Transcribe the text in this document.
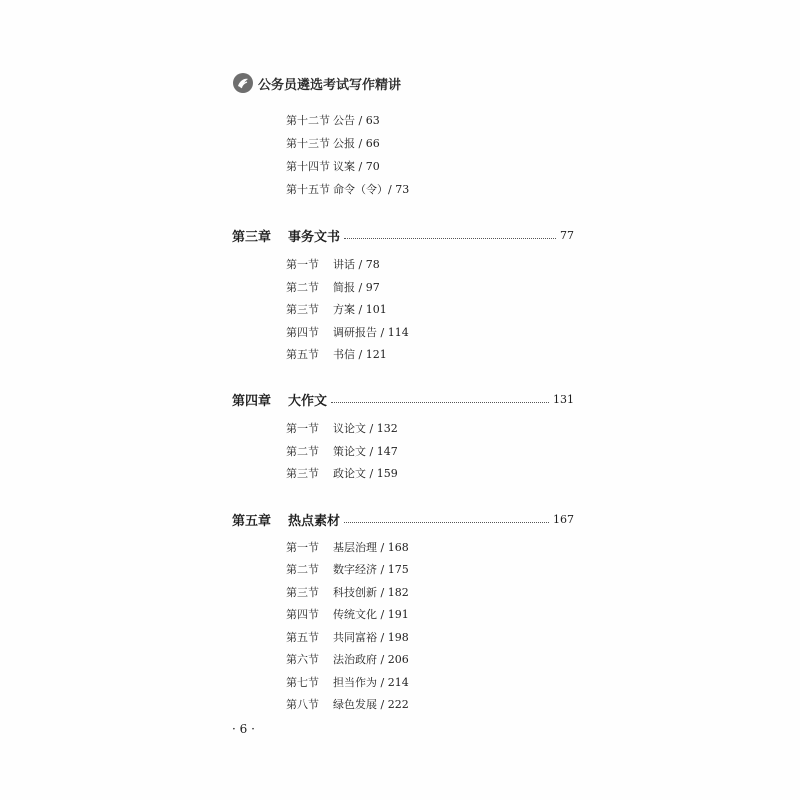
公务员遴选考试写作精讲
第十二节 公告 / 63
第十三节 公报 / 66
第十四节 议案 / 70
第十五节 命令（令）/ 73
第三章	事务文书	77
第一节	讲话 / 78
第二节	简报 / 97
第三节	方案 / 101
第四节	调研报告 / 114
第五节	书信 / 121
第四章	大作文	131
第一节	议论文 / 132
第二节	策论文 / 147
第三节	政论文 / 159
第五章	热点素材	167
第一节	基层治理 / 168
第二节	数字经济 / 175
第三节	科技创新 / 182
第四节	传统文化 / 191
第五节	共同富裕 / 198
第六节	法治政府 / 206
第七节	担当作为 / 214
第八节	绿色发展 / 222
· 6 ·
